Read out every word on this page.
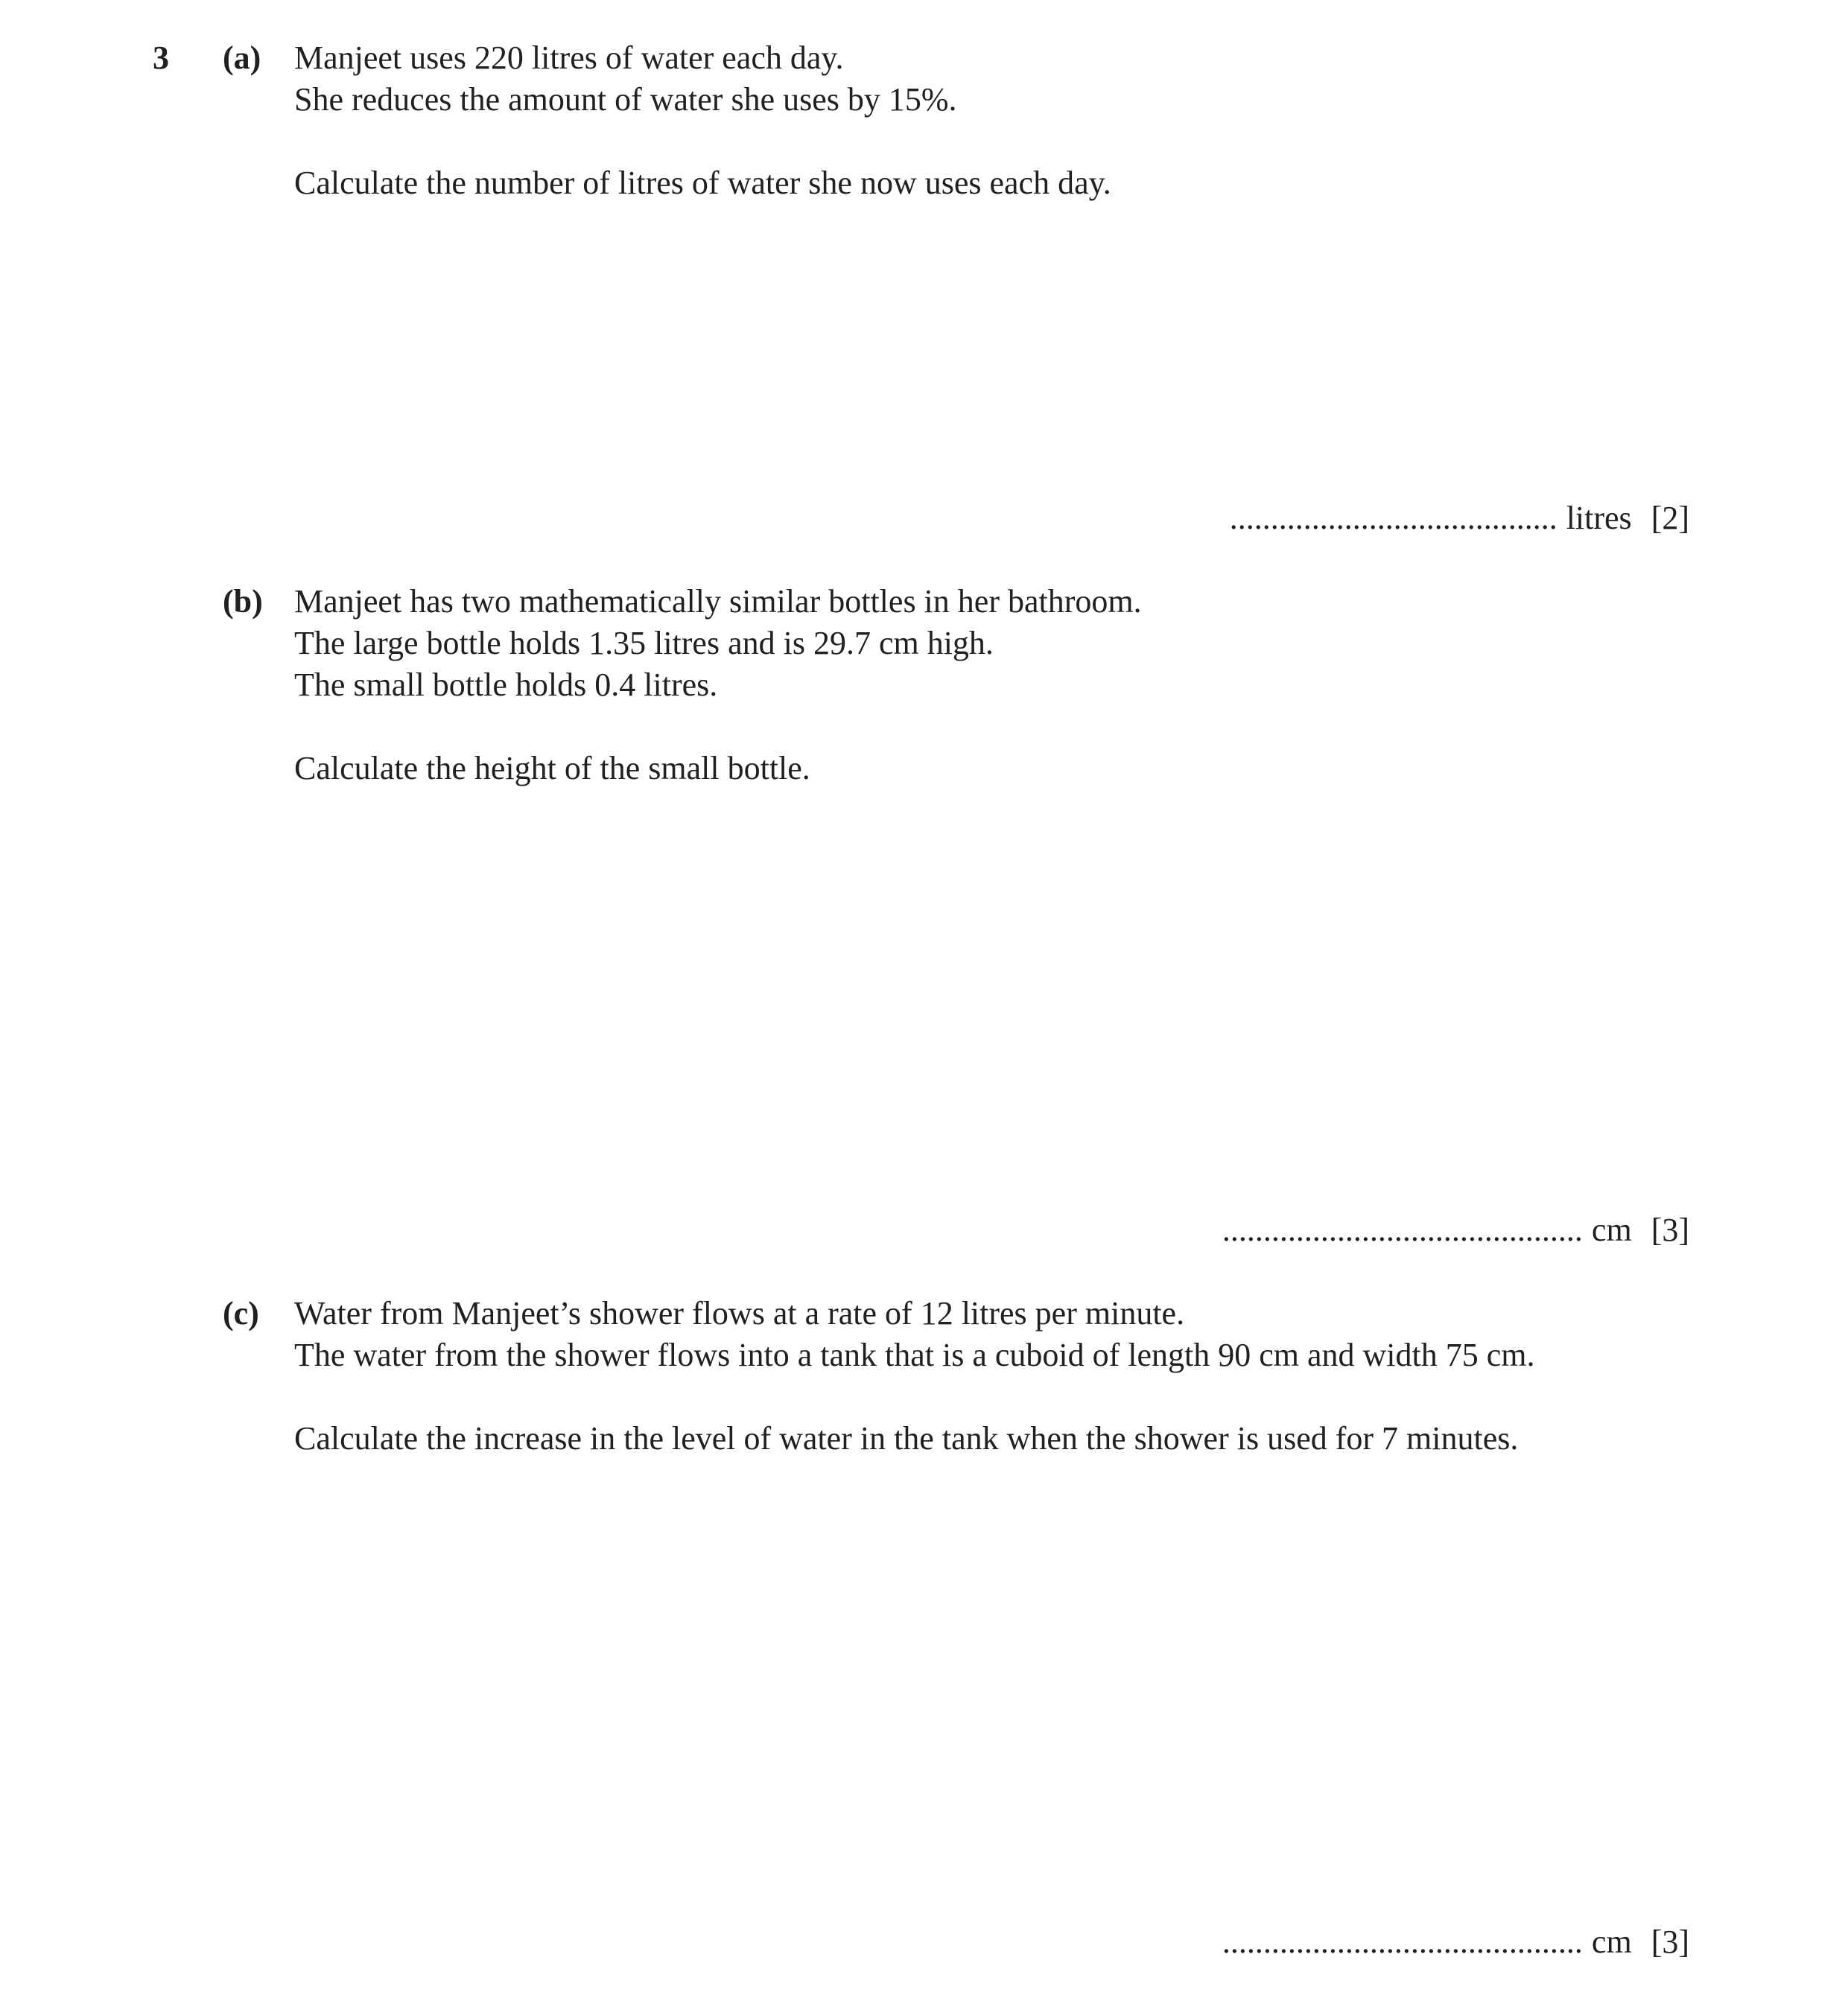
3 (a) Manjeet uses 220 litres of water each day.
She reduces the amount of water she uses by 15%.
Calculate the number of litres of water she now uses each day.
........................................ litres [2]
(b) Manjeet has two mathematically similar bottles in her bathroom.
The large bottle holds 1.35 litres and is 29.7 cm high.
The small bottle holds 0.4 litres.
Calculate the height of the small bottle.
............................................ cm [3]
(c) Water from Manjeet’s shower flows at a rate of 12 litres per minute.
The water from the shower flows into a tank that is a cuboid of length 90 cm and width 75 cm.
Calculate the increase in the level of water in the tank when the shower is used for 7 minutes.
............................................ cm [3]
